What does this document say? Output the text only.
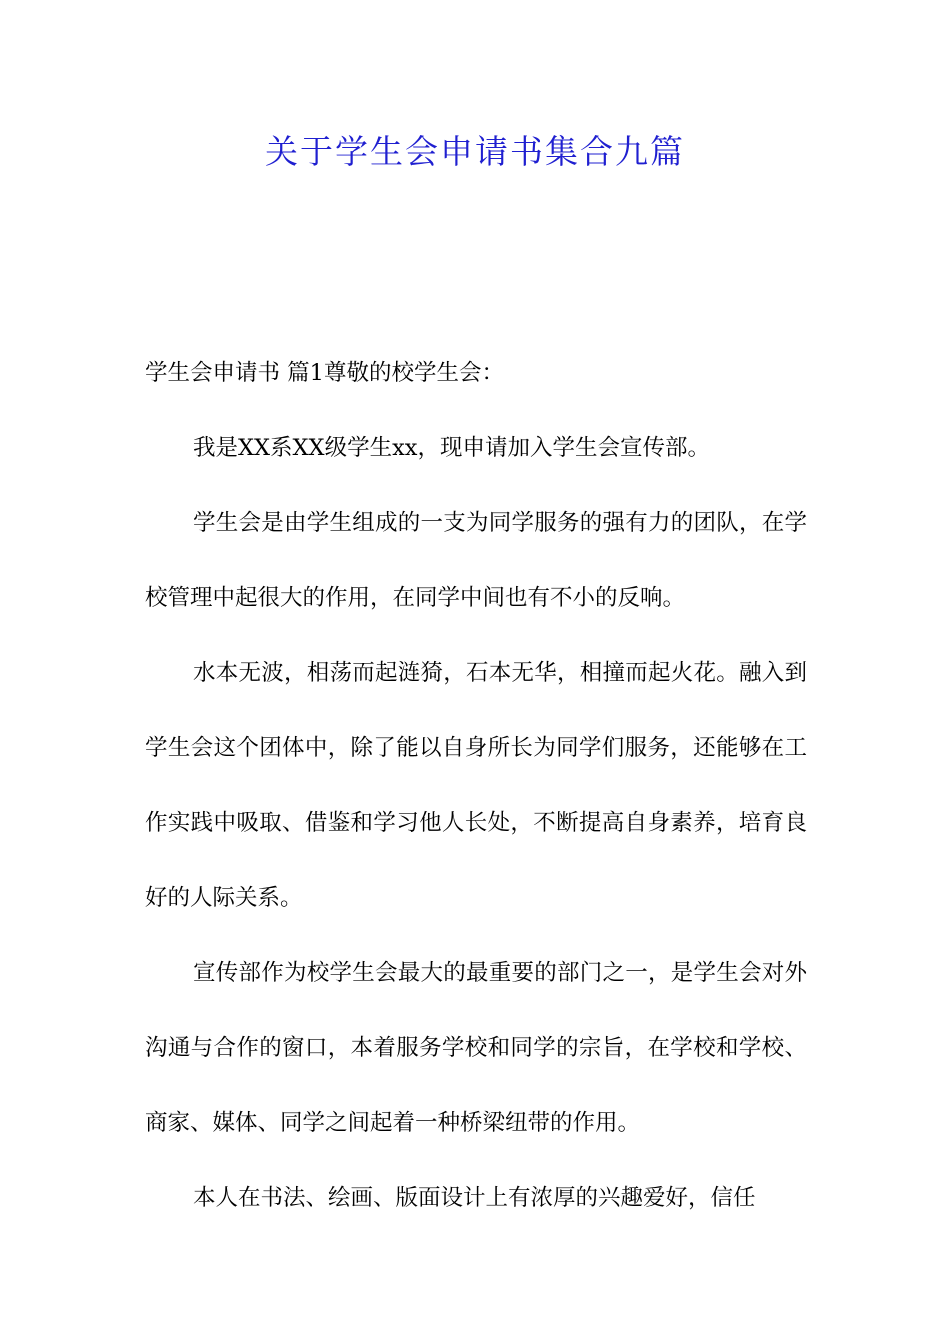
关于学生会申请书集合九篇

学生会申请书 篇1尊敬的校学生会：

我是XX系XX级学生xx，现申请加入学生会宣传部。

学生会是由学生组成的一支为同学服务的强有力的团队，在学校管理中起很大的作用，在同学中间也有不小的反响。

水本无波，相荡而起涟猗，石本无华，相撞而起火花。融入到学生会这个团体中，除了能以自身所长为同学们服务，还能够在工作实践中吸取、借鉴和学习他人长处，不断提高自身素养，培育良好的人际关系。

宣传部作为校学生会最大的最重要的部门之一，是学生会对外沟通与合作的窗口，本着服务学校和同学的宗旨，在学校和学校、商家、媒体、同学之间起着一种桥梁纽带的作用。

本人在书法、绘画、版面设计上有浓厚的兴趣爱好，信任
